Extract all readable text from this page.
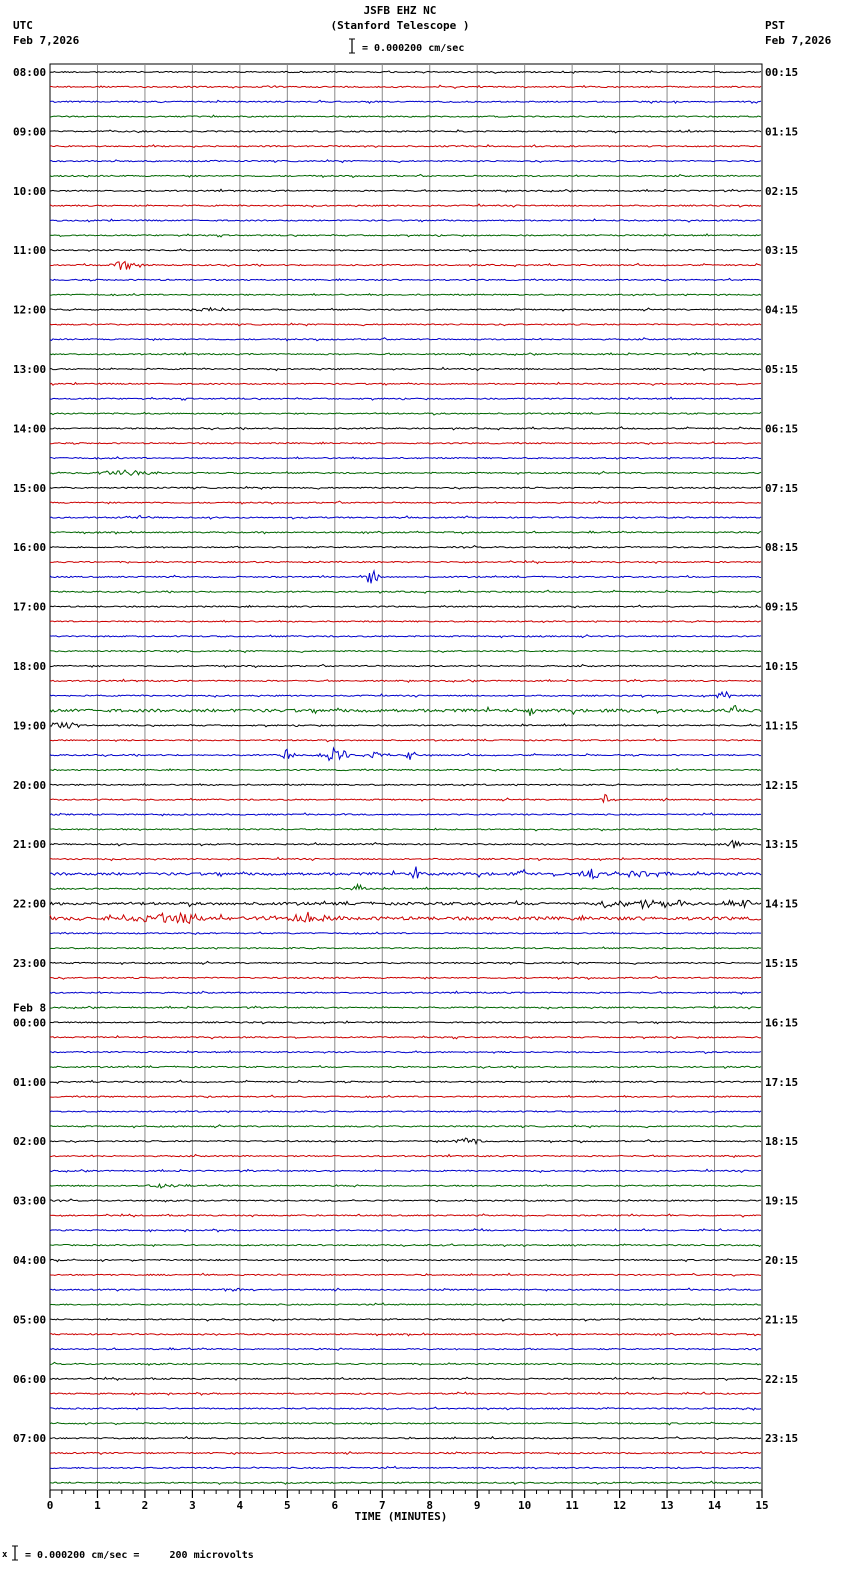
JSFB EHZ NC
(Stanford Telescope )
UTC
Feb 7,2026
PST
Feb 7,2026
= 0.000200 cm/sec
0	1	2	3	4	5	6	7	8	9	10	11	12	13	14	15
TIME (MINUTES)
08:00
09:00
10:00
11:00
12:00
13:00
14:00
15:00
16:00
17:00
18:00
19:00
20:00
21:00
22:00
23:00
Feb 8
00:00
01:00
02:00
03:00
04:00
05:00
06:00
07:00
00:15
01:15
02:15
03:15
04:15
05:15
06:15
07:15
08:15
09:15
10:15
11:15
12:15
13:15
14:15
15:15
16:15
17:15
18:15
19:15
20:15
21:15
22:15
23:15
x = 0.000200 cm/sec =     200 microvolts
